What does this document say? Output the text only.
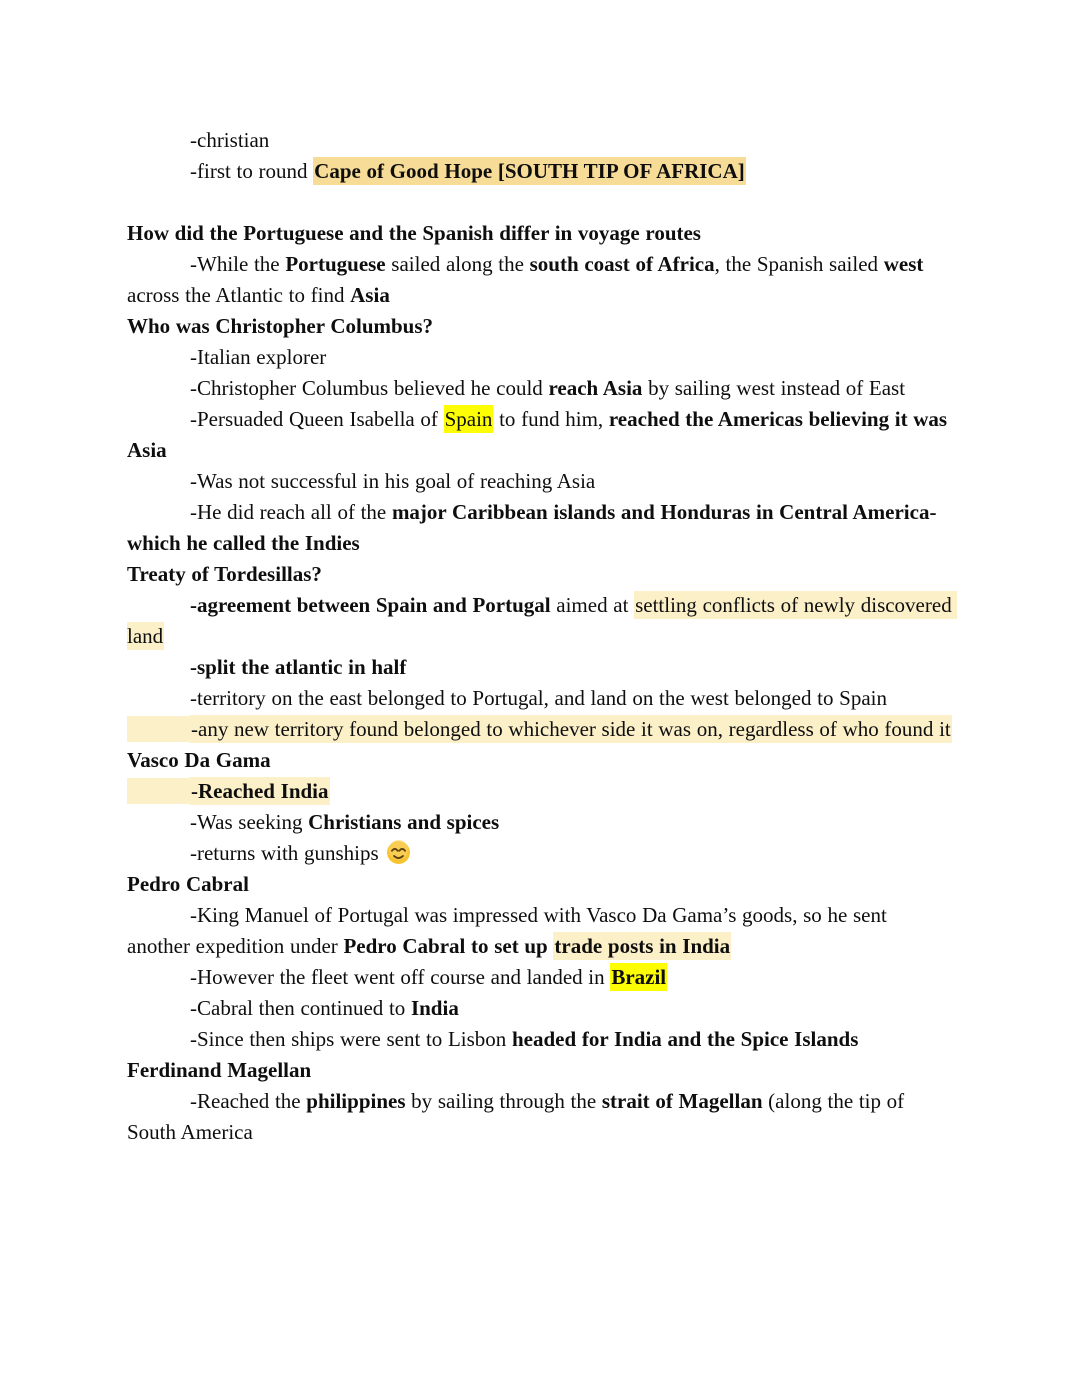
-christian
-first to round Cape of Good Hope [SOUTH TIP OF AFRICA]
How did the Portuguese and the Spanish differ in voyage routes
-While the Portuguese sailed along the south coast of Africa, the Spanish sailed west across the Atlantic to find Asia
Who was Christopher Columbus?
-Italian explorer
-Christopher Columbus believed he could reach Asia by sailing west instead of East
-Persuaded Queen Isabella of Spain to fund him, reached the Americas believing it was Asia
-Was not successful in his goal of reaching Asia
-He did reach all of the major Caribbean islands and Honduras in Central America- which he called the Indies
Treaty of Tordesillas?
-agreement between Spain and Portugal aimed at settling conflicts of newly discovered land
-split the atlantic in half
-territory on the east belonged to Portugal, and land on the west belonged to Spain
-any new territory found belonged to whichever side it was on, regardless of who found it
Vasco Da Gama
-Reached India
-Was seeking Christians and spices
-returns with gunships
Pedro Cabral
-King Manuel of Portugal was impressed with Vasco Da Gama’s goods, so he sent another expedition under Pedro Cabral to set up trade posts in India
-However the fleet went off course and landed in Brazil
-Cabral then continued to India
-Since then ships were sent to Lisbon headed for India and the Spice Islands
Ferdinand Magellan
-Reached the philippines by sailing through the strait of Magellan (along the tip of South America
